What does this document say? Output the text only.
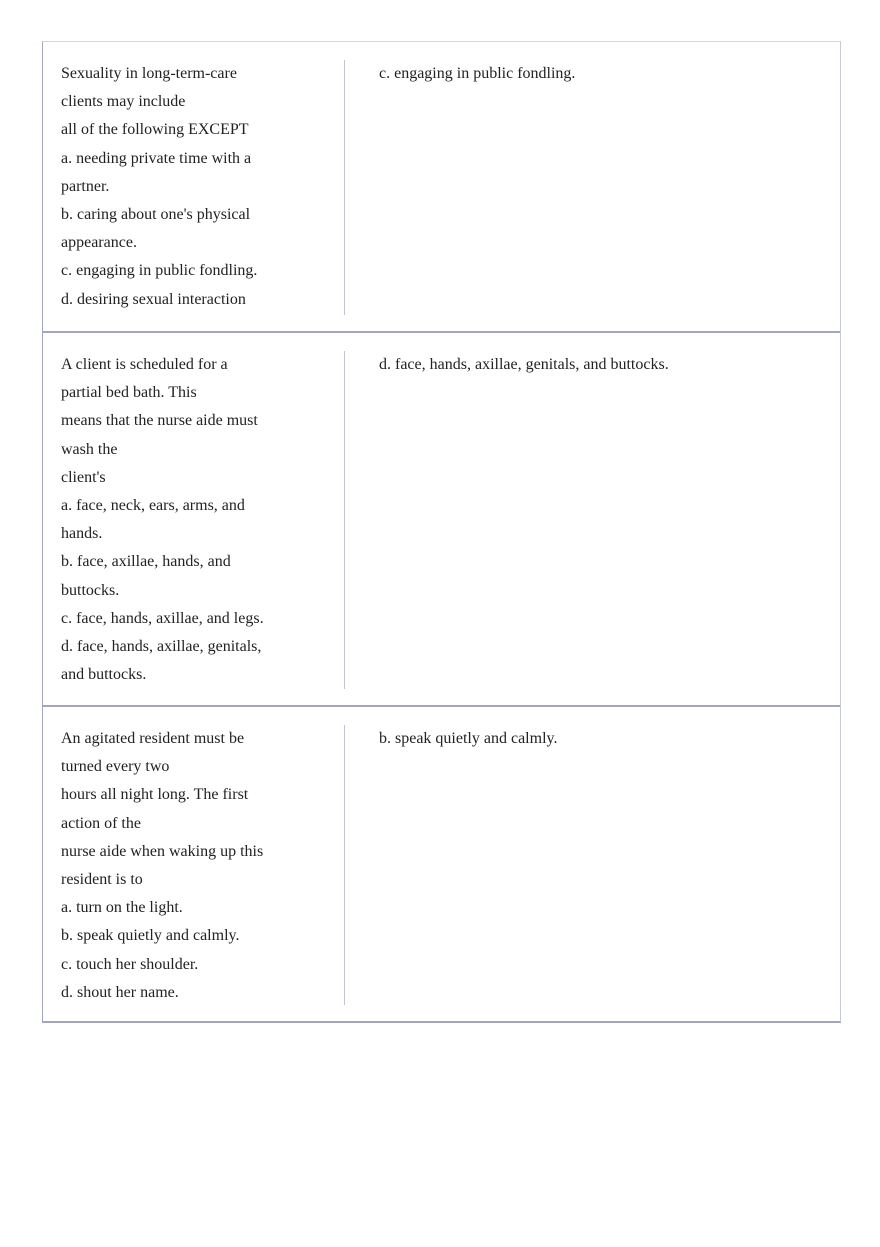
Sexuality in long-term-care
clients may include
all of the following EXCEPT
a. needing private time with a
partner.
b. caring about one's physical
appearance.
c. engaging in public fondling.
d. desiring sexual interaction
c. engaging in public fondling.
A client is scheduled for a
partial bed bath. This
means that the nurse aide must
wash the
client's
a. face, neck, ears, arms, and
hands.
b. face, axillae, hands, and
buttocks.
c. face, hands, axillae, and legs.
d. face, hands, axillae, genitals,
and buttocks.
d. face, hands, axillae, genitals, and buttocks.
An agitated resident must be
turned every two
hours all night long. The first
action of the
nurse aide when waking up this
resident is to
a. turn on the light.
b. speak quietly and calmly.
c. touch her shoulder.
d. shout her name.
b. speak quietly and calmly.
